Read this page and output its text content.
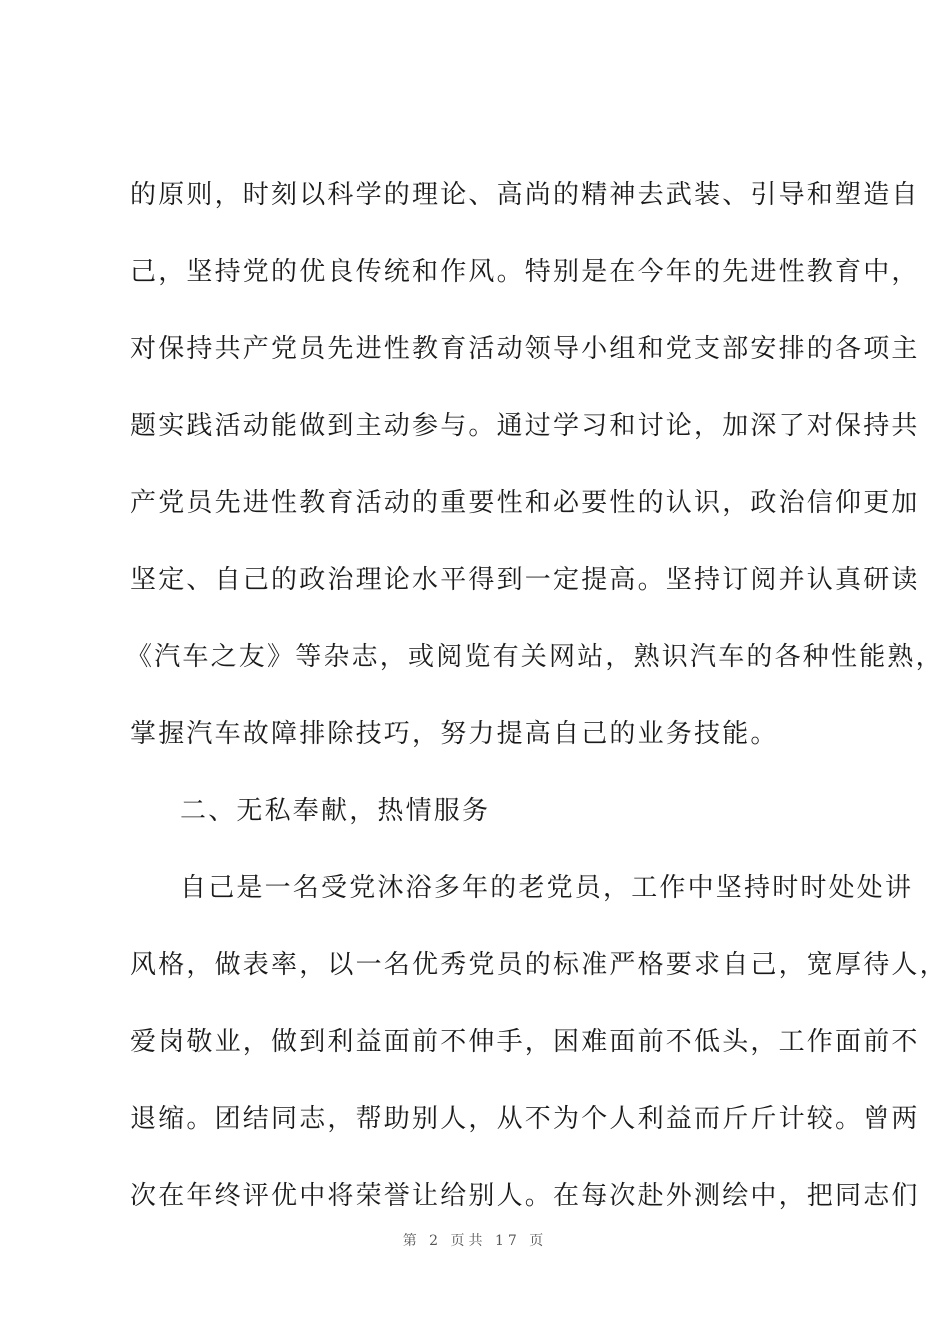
的原则，时刻以科学的理论、高尚的精神去武装、引导和塑造自
己，坚持党的优良传统和作风。特别是在今年的先进性教育中，
对保持共产党员先进性教育活动领导小组和党支部安排的各项主
题实践活动能做到主动参与。通过学习和讨论，加深了对保持共
产党员先进性教育活动的重要性和必要性的认识，政治信仰更加
坚定、自己的政治理论水平得到一定提高。坚持订阅并认真研读
《汽车之友》等杂志，或阅览有关网站，熟识汽车的各种性能熟，
掌握汽车故障排除技巧，努力提高自己的业务技能。
二、无私奉献，热情服务
自己是一名受党沐浴多年的老党员，工作中坚持时时处处讲
风格，做表率，以一名优秀党员的标准严格要求自己，宽厚待人，
爱岗敬业，做到利益面前不伸手，困难面前不低头，工作面前不
退缩。团结同志，帮助别人，从不为个人利益而斤斤计较。曾两
次在年终评优中将荣誉让给别人。在每次赴外测绘中，把同志们
第 2 页共 17 页
